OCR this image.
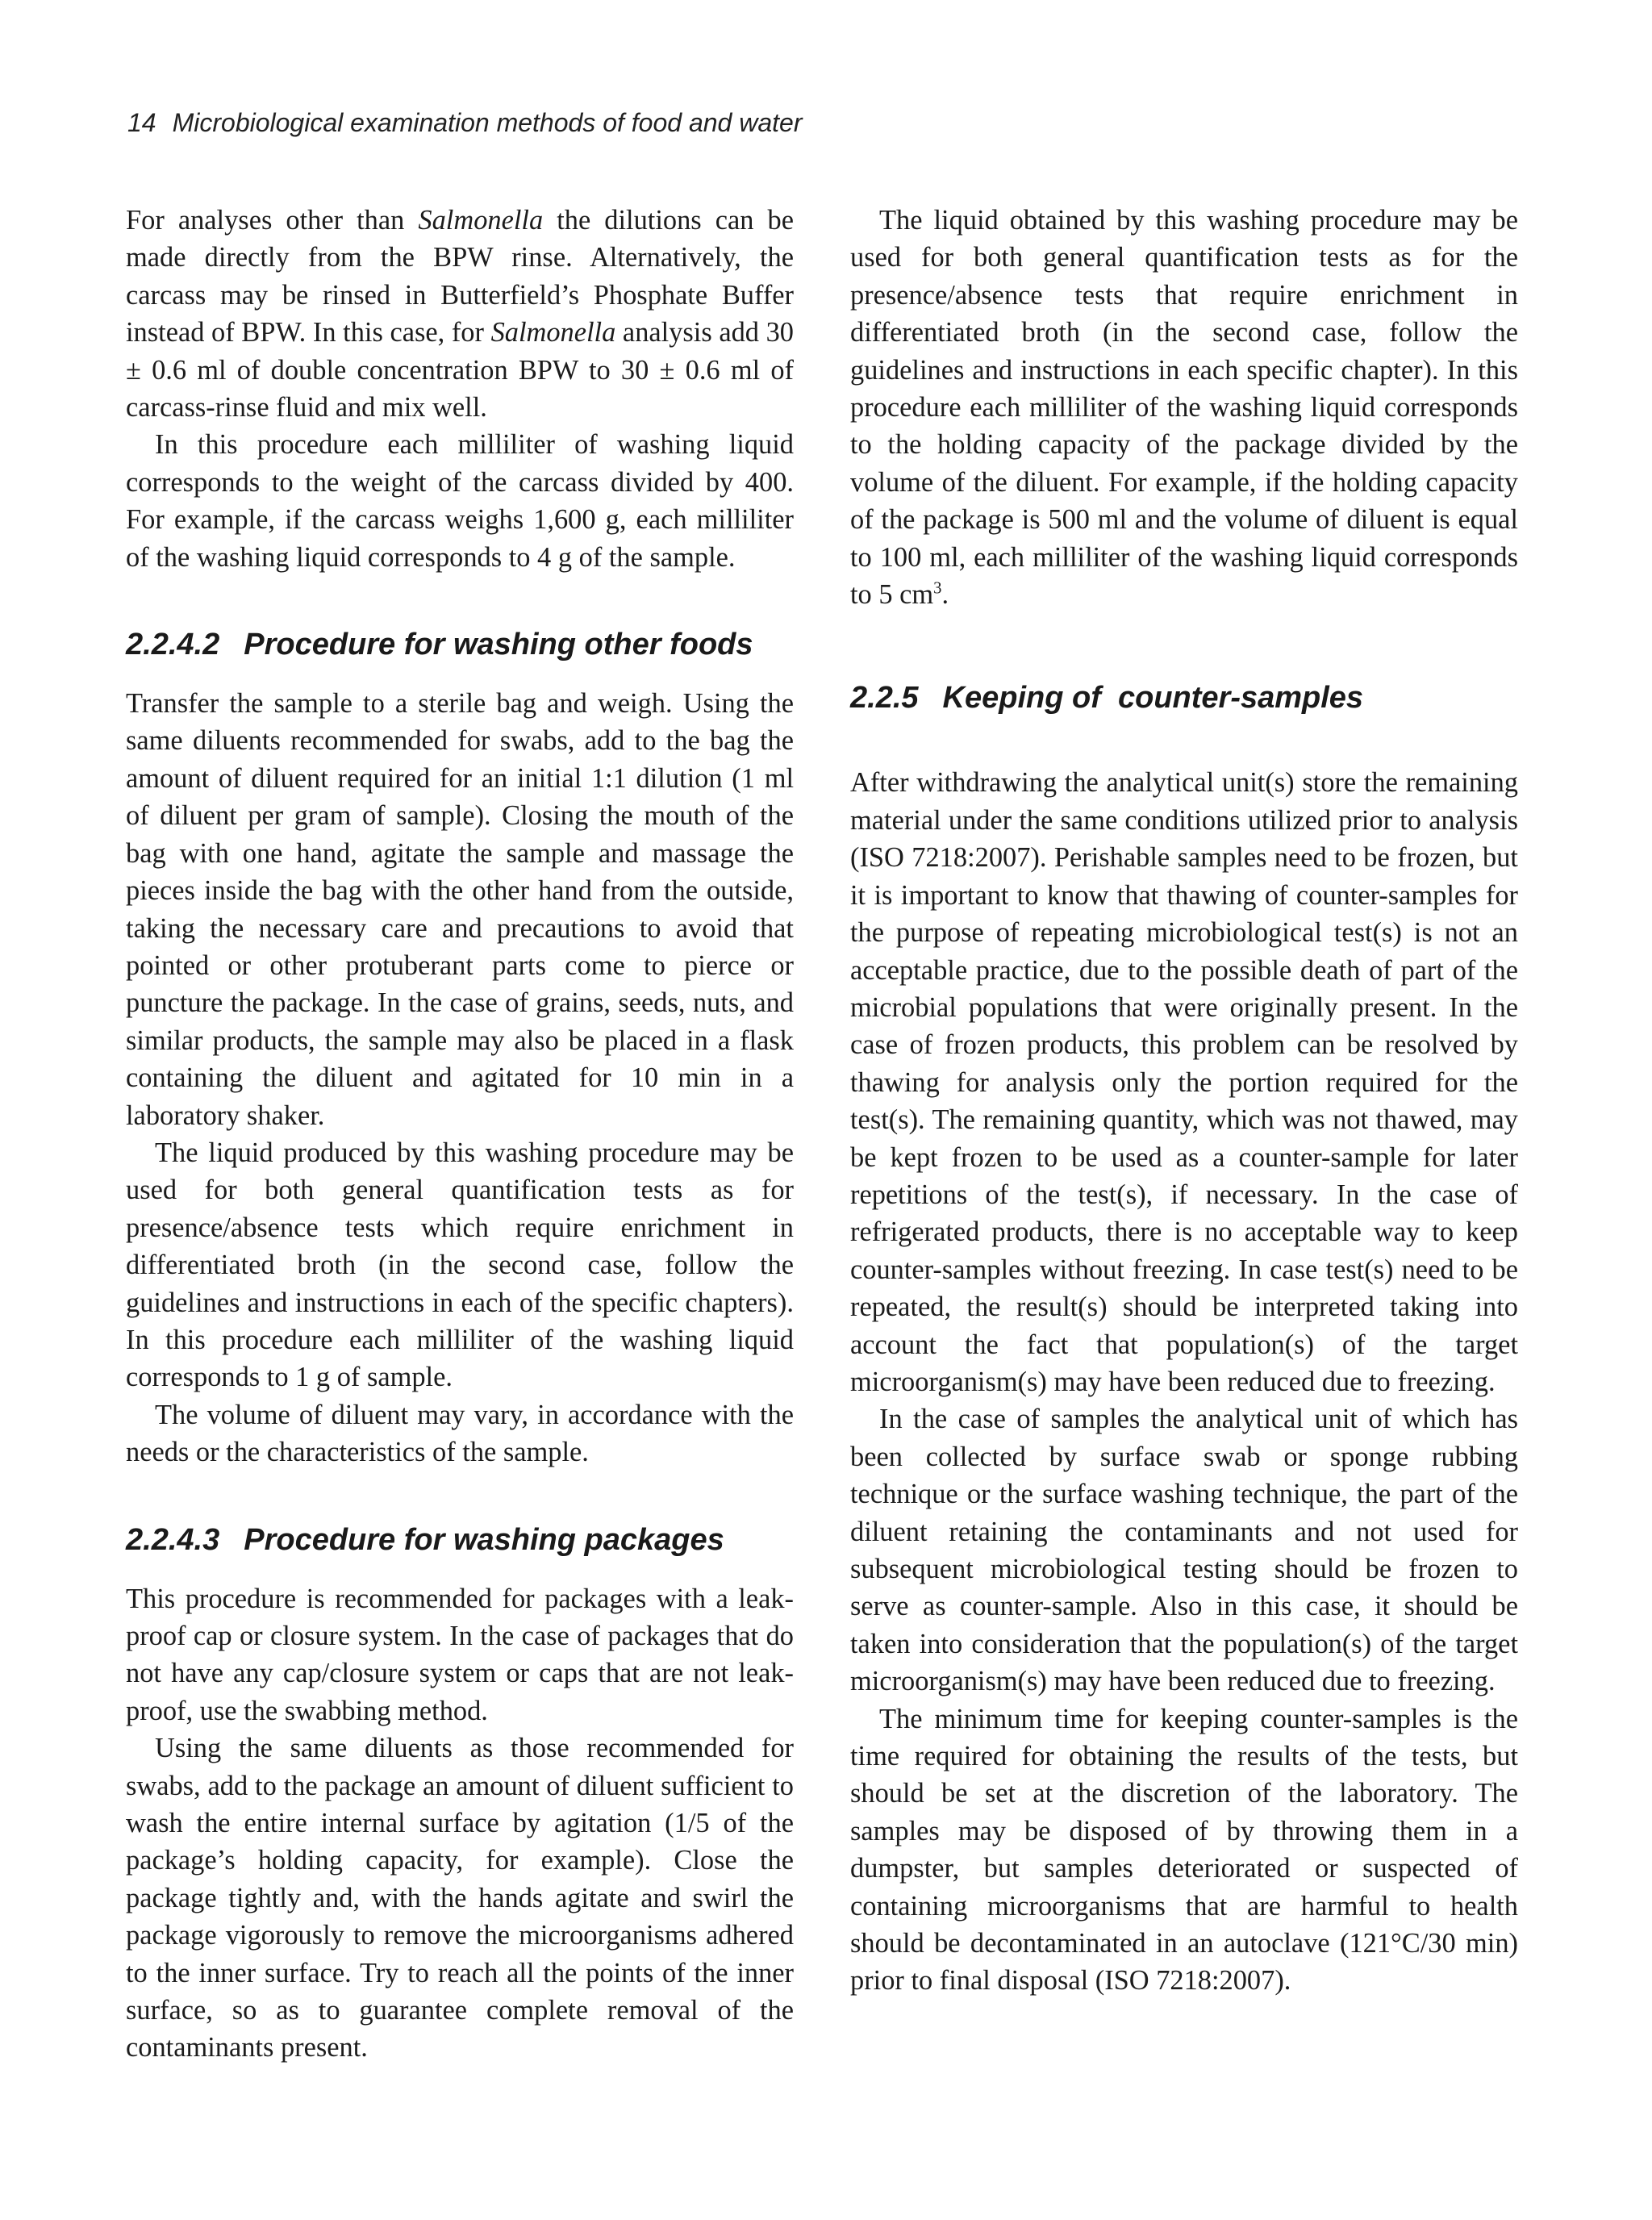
14 Microbiological examination methods of food and water

For analyses other than Salmonella the dilutions can be made directly from the BPW rinse. Alternatively, the carcass may be rinsed in Butterfield’s Phosphate Buffer instead of BPW. In this case, for Salmonella analysis add 30 ± 0.6 ml of double concentration BPW to 30 ± 0.6 ml of carcass-rinse fluid and mix well.

In this procedure each milliliter of washing liquid corresponds to the weight of the carcass divided by 400. For example, if the carcass weighs 1,600 g, each milliliter of the washing liquid corresponds to 4 g of the sample.

2.2.4.2 Procedure for washing other foods

Transfer the sample to a sterile bag and weigh. Using the same diluents recommended for swabs, add to the bag the amount of diluent required for an initial 1:1 dilution (1 ml of diluent per gram of sample). Closing the mouth of the bag with one hand, agitate the sample and massage the pieces inside the bag with the other hand from the outside, taking the necessary care and precautions to avoid that pointed or other protuberant parts come to pierce or puncture the package. In the case of grains, seeds, nuts, and similar products, the sample may also be placed in a flask containing the diluent and agitated for 10 min in a laboratory shaker.

The liquid produced by this washing procedure may be used for both general quantification tests as for presence/absence tests which require enrichment in differentiated broth (in the second case, follow the guidelines and instructions in each of the specific chapters). In this procedure each milliliter of the washing liquid corresponds to 1 g of sample.

The volume of diluent may vary, in accordance with the needs or the characteristics of the sample.

2.2.4.3 Procedure for washing packages

This procedure is recommended for packages with a leak-proof cap or closure system. In the case of packages that do not have any cap/closure system or caps that are not leak-proof, use the swabbing method.

Using the same diluents as those recommended for swabs, add to the package an amount of diluent sufficient to wash the entire internal surface by agitation (1/5 of the package’s holding capacity, for example). Close the package tightly and, with the hands agitate and swirl the package vigorously to remove the microorganisms adhered to the inner surface. Try to reach all the points of the inner surface, so as to guarantee complete removal of the contaminants present.

The liquid obtained by this washing procedure may be used for both general quantification tests as for the presence/absence tests that require enrichment in differentiated broth (in the second case, follow the guidelines and instructions in each specific chapter). In this procedure each milliliter of the washing liquid corresponds to the holding capacity of the package divided by the volume of the diluent. For example, if the holding capacity of the package is 500 ml and the volume of diluent is equal to 100 ml, each milliliter of the washing liquid corresponds to 5 $cm^3$.

2.2.5 Keeping of  counter-samples

After withdrawing the analytical unit(s) store the remaining material under the same conditions utilized prior to analysis (ISO 7218:2007). Perishable samples need to be frozen, but it is important to know that thawing of counter-samples for the purpose of repeating microbiological test(s) is not an acceptable practice, due to the possible death of part of the microbial populations that were originally present. In the case of frozen products, this problem can be resolved by thawing for analysis only the portion required for the test(s). The remaining quantity, which was not thawed, may be kept frozen to be used as a counter-sample for later repetitions of the test(s), if necessary. In the case of refrigerated products, there is no acceptable way to keep counter-samples without freezing. In case test(s) need to be repeated, the result(s) should be interpreted taking into account the fact that population(s) of the target microorganism(s) may have been reduced due to freezing.

In the case of samples the analytical unit of which has been collected by surface swab or sponge rubbing technique or the surface washing technique, the part of the diluent retaining the contaminants and not used for subsequent microbiological testing should be frozen to serve as counter-sample. Also in this case, it should be taken into consideration that the population(s) of the target microorganism(s) may have been reduced due to freezing.

The minimum time for keeping counter-samples is the time required for obtaining the results of the tests, but should be set at the discretion of the laboratory. The samples may be disposed of by throwing them in a dumpster, but samples deteriorated or suspected of containing microorganisms that are harmful to health should be decontaminated in an autoclave (121°C/30 min) prior to final disposal (ISO 7218:2007).
